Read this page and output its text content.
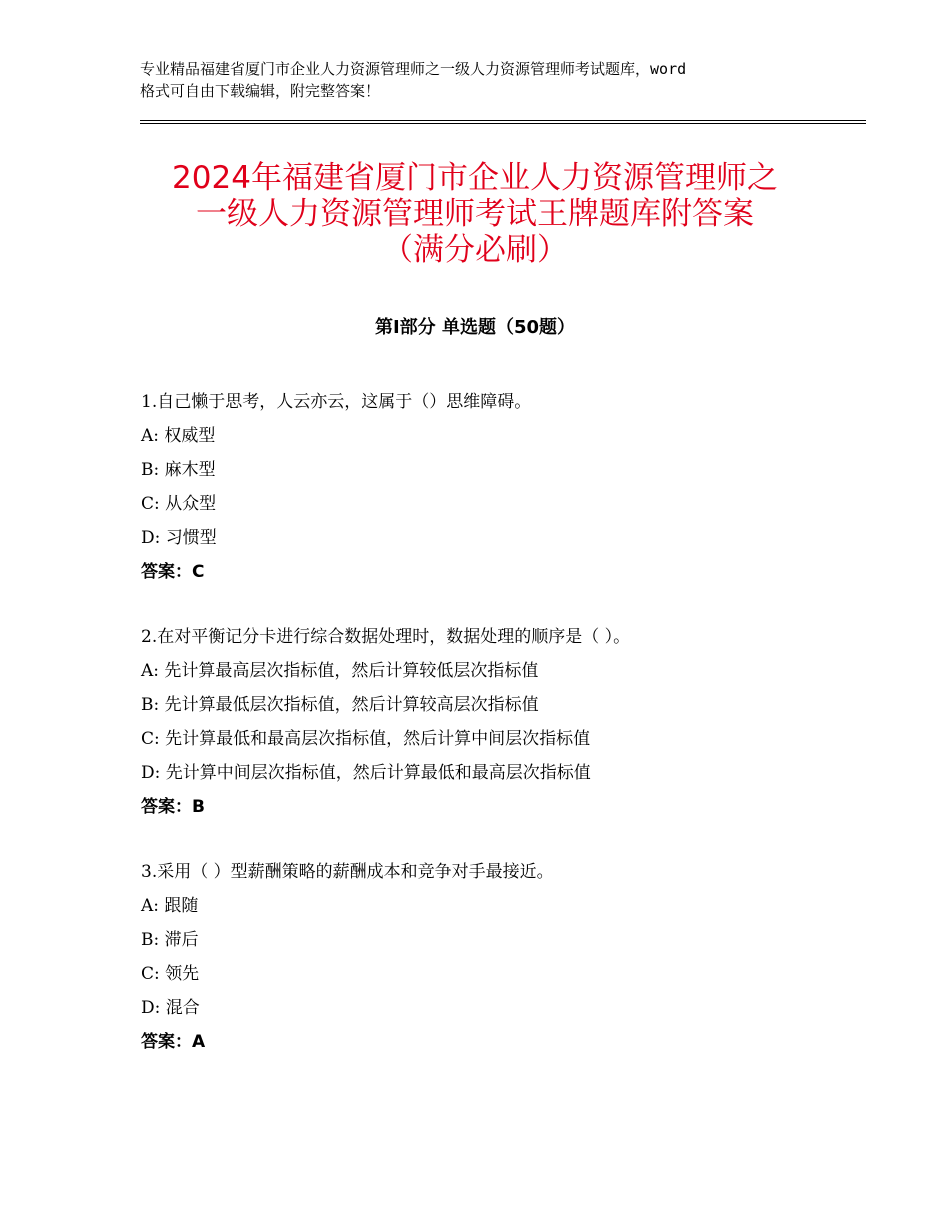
专业精品福建省厦门市企业人力资源管理师之一级人力资源管理师考试题库，word
格式可自由下载编辑，附完整答案！
2024年福建省厦门市企业人力资源管理师之
一级人力资源管理师考试王牌题库附答案
（满分必刷）
第Ⅰ部分 单选题（50题）
1.自己懒于思考，人云亦云，这属于（）思维障碍。
A: 权威型
B: 麻木型
C: 从众型
D: 习惯型
答案：C
2.在对平衡记分卡进行综合数据处理时，数据处理的顺序是（ ）。
A: 先计算最高层次指标值，然后计算较低层次指标值
B: 先计算最低层次指标值，然后计算较高层次指标值
C: 先计算最低和最高层次指标值，然后计算中间层次指标值
D: 先计算中间层次指标值，然后计算最低和最高层次指标值
答案：B
3.采用（ ）型薪酬策略的薪酬成本和竞争对手最接近。
A: 跟随
B: 滞后
C: 领先
D: 混合
答案：A
